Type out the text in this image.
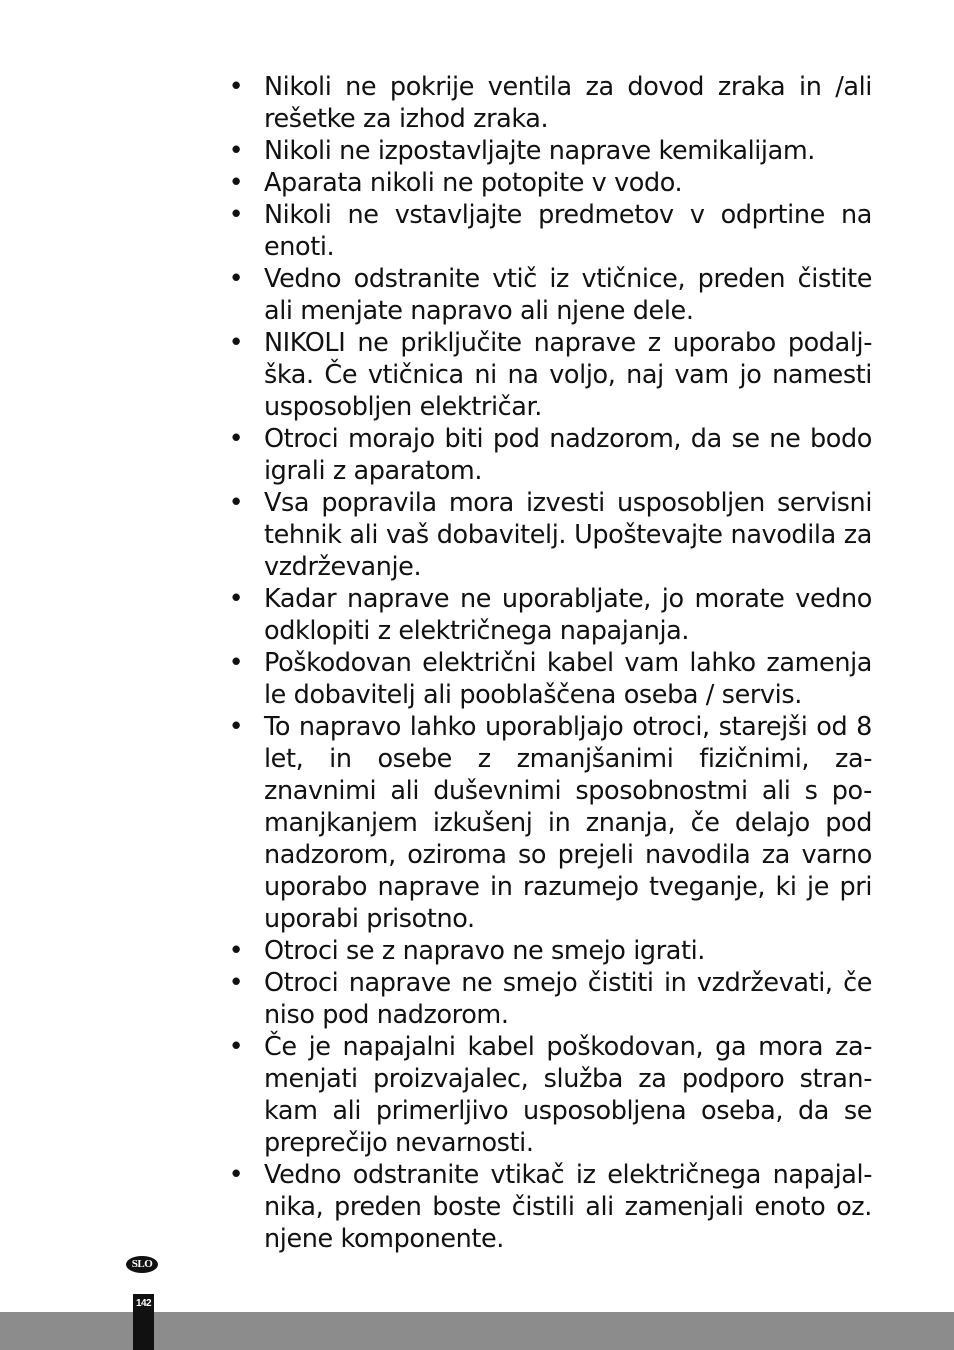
• Nikoli ne pokrije ventila za dovod zraka in /ali rešetke za izhod zraka.
• Nikoli ne izpostavljajte naprave kemikalijam.
• Aparata nikoli ne potopite v vodo.
• Nikoli ne vstavljajte predmetov v odprtine na enoti.
• Vedno odstranite vtič iz vtičnice, preden čistite ali menjate napravo ali njene dele.
• NIKOLI ne priključite naprave z uporabo podalj-​ška. Če vtičnica ni na voljo, naj vam jo namesti usposobljen električar.
• Otroci morajo biti pod nadzorom, da se ne bodo igrali z aparatom.
• Vsa popravila mora izvesti usposobljen servisni tehnik ali vaš dobavitelj. Upoštevajte navodila za vzdrževanje.
• Kadar naprave ne uporabljate, jo morate vedno odklopiti z električnega napajanja.
• Poškodovan električni kabel vam lahko zamenja le dobavitelj ali pooblaščena oseba / servis.
• To napravo lahko uporabljajo otroci, starejši od 8 let, in osebe z zmanjšanimi fizičnimi, za-​znavnimi ali duševnimi sposobnostmi ali s po-​manjkanjem izkušenj in znanja, če delajo pod nadzorom, oziroma so prejeli navodila za varno uporabo naprave in razumejo tveganje, ki je pri uporabi prisotno.
• Otroci se z napravo ne smejo igrati.
• Otroci naprave ne smejo čistiti in vzdrževati, če niso pod nadzorom.
• Če je napajalni kabel poškodovan, ga mora za-​menjati proizvajalec, služba za podporo stran-​kam ali primerljivo usposobljena oseba, da se preprečijo nevarnosti.
• Vedno odstranite vtikač iz električnega napajal-​nika, preden boste čistili ali zamenjali enoto oz. njene komponente.
SLO
142
